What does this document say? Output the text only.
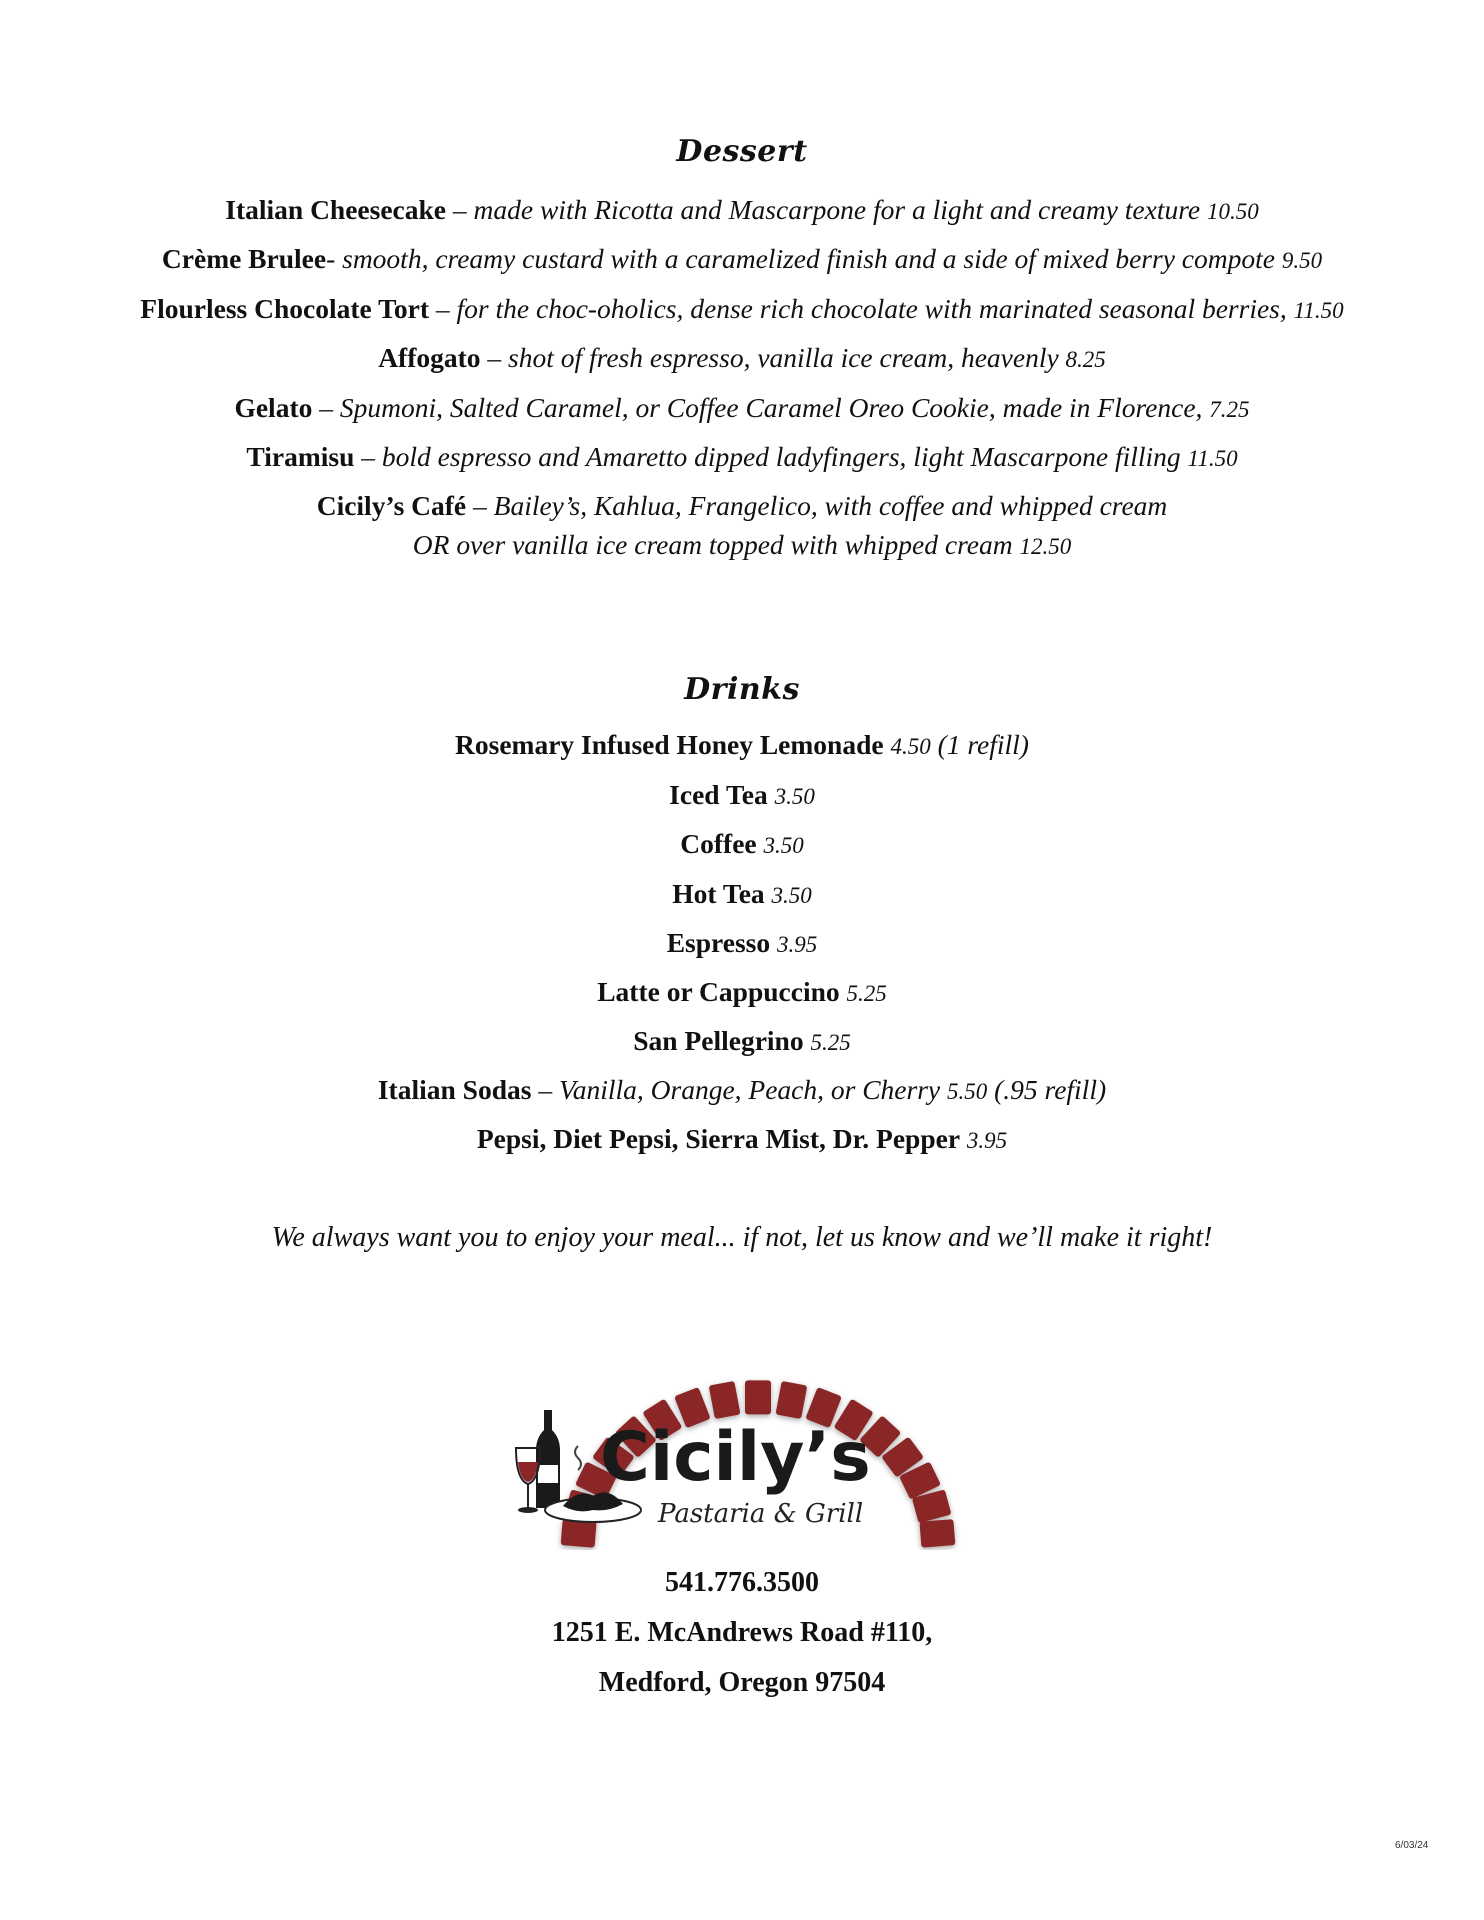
Dessert
Italian Cheesecake – made with Ricotta and Mascarpone for a light and creamy texture 10.50
Crème Brulee- smooth, creamy custard with a caramelized finish and a side of mixed berry compote 9.50
Flourless Chocolate Tort – for the choc-oholics, dense rich chocolate with marinated seasonal berries, 11.50
Affogato – shot of fresh espresso, vanilla ice cream, heavenly 8.25
Gelato – Spumoni, Salted Caramel, or Coffee Caramel Oreo Cookie, made in Florence, 7.25
Tiramisu – bold espresso and Amaretto dipped ladyfingers, light Mascarpone filling 11.50
Cicily’s Café – Bailey’s, Kahlua, Frangelico, with coffee and whipped cream
OR over vanilla ice cream topped with whipped cream 12.50
Drinks
Rosemary Infused Honey Lemonade 4.50 (1 refill)
Iced Tea 3.50
Coffee 3.50
Hot Tea 3.50
Espresso 3.95
Latte or Cappuccino 5.25
San Pellegrino 5.25
Italian Sodas – Vanilla, Orange, Peach, or Cherry 5.50 (.95 refill)
Pepsi, Diet Pepsi, Sierra Mist, Dr. Pepper 3.95
We always want you to enjoy your meal... if not, let us know and we’ll make it right!
Cicily’s
Pastaria & Grill
541.776.3500
1251 E. McAndrews Road #110,
Medford, Oregon 97504
6/03/24
